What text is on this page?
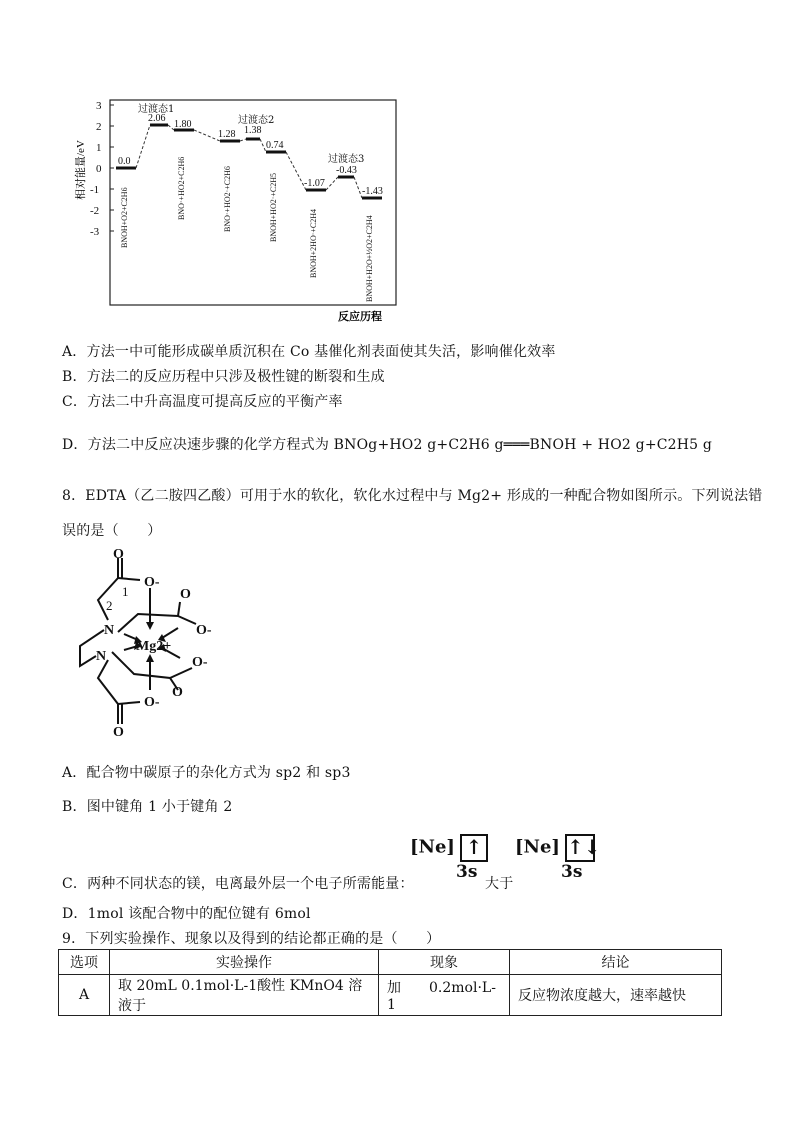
3
2
1
0
-1
-2
-3
相对能量/eV
反应历程
0.0
2.06
1.80
1.28 1.38
0.74
-1.07
-0.43
-1.43
过渡态1
过渡态2
过渡态3
BNOH+O2+C2H6	BNO·+HO2+C2H6	BNO·+HO2·+C2H6	BNOH+HO2·+C2H5
BNOH+2HO·+C2H4	BNOH+H2O+½O2+C2H4
A．方法一中可能形成碳单质沉积在 Co 基催化剂表面使其失活，影响催化效率
B．方法二的反应历程中只涉及极性键的断裂和生成
C．方法二中升高温度可提高反应的平衡产率
D．方法二中反应决速步骤的化学方程式为 BNOg+HO2 g+C2H6 g═══BNOH + HO2 g+C2H5 g
8．EDTA（乙二胺四乙酸）可用于水的软化，软化水过程中与 Mg2+ 形成的一种配合物如图所示。下列说法错
误的是（　　）
O
O-
O
O-
O-
O
O-
O
N
N
Mg2+
1
2
A．配合物中碳原子的杂化方式为 sp2 和 sp3
B．图中键角 1 小于键角 2
[Ne] ↑
3s
[Ne] ↑↓
3s
C．两种不同状态的镁，电离最外层一个电子所需能量：	大于
D．1mol 该配合物中的配位键有 6mol
9．下列实验操作、现象以及得到的结论都正确的是（　　）
选项	实验操作	现象	结论
A	取 20mL 0.1mol·L-1酸性 KMnO4 溶液于	加　　0.2mol·L-1	反应物浓度越大，速率越快
